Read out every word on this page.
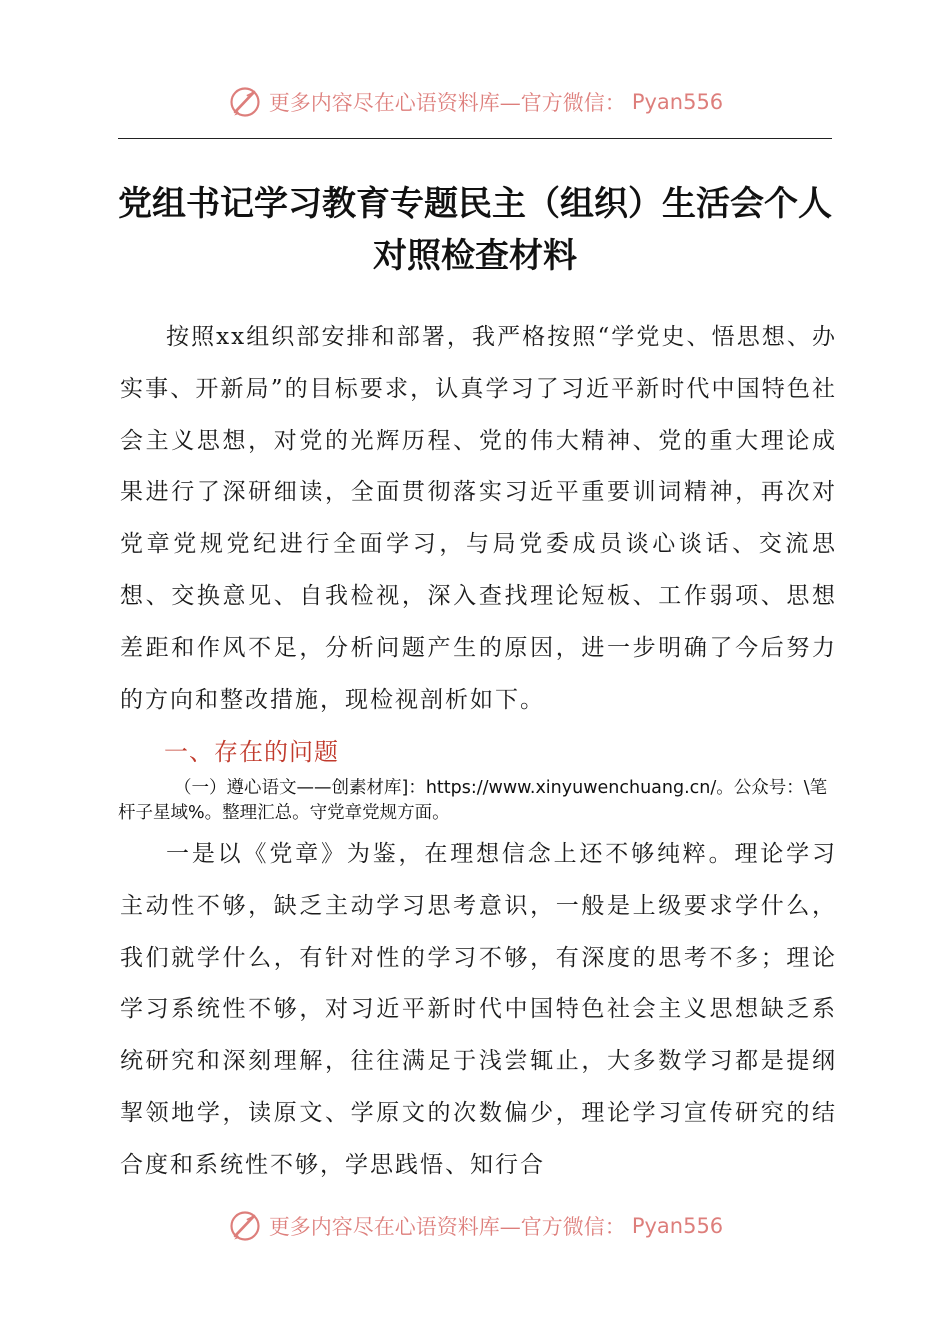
更多内容尽在心语资料库—官方微信： Pyan556
党组书记学习教育专题民主（组织）生活会个人对照检查材料

按照xx组织部安排和部署，我严格按照“学党史、悟思想、办实事、开新局”的目标要求，认真学习了习近平新时代中国特色社会主义思想，对党的光辉历程、党的伟大精神、党的重大理论成果进行了深研细读，全面贯彻落实习近平重要训词精神，再次对党章党规党纪进行全面学习，与局党委成员谈心谈话、交流思想、交换意见、自我检视，深入查找理论短板、工作弱项、思想差距和作风不足，分析问题产生的原因，进一步明确了今后努力的方向和整改措施，现检视剖析如下。

一、存在的问题

（一）遵心语文——创素材库]：https://www.xinyuwenchuang.cn/。公众号：\笔杆子星域%。整理汇总。守党章党规方面。

一是以《党章》为鉴，在理想信念上还不够纯粹。理论学习主动性不够，缺乏主动学习思考意识，一般是上级要求学什么，我们就学什么，有针对性的学习不够，有深度的思考不多；理论学习系统性不够，对习近平新时代中国特色社会主义思想缺乏系统研究和深刻理解，往往满足于浅尝辄止，大多数学习都是提纲挈领地学，读原文、学原文的次数偏少，理论学习宣传研究的结合度和系统性不够，学思践悟、知行合

更多内容尽在心语资料库—官方微信： Pyan556
